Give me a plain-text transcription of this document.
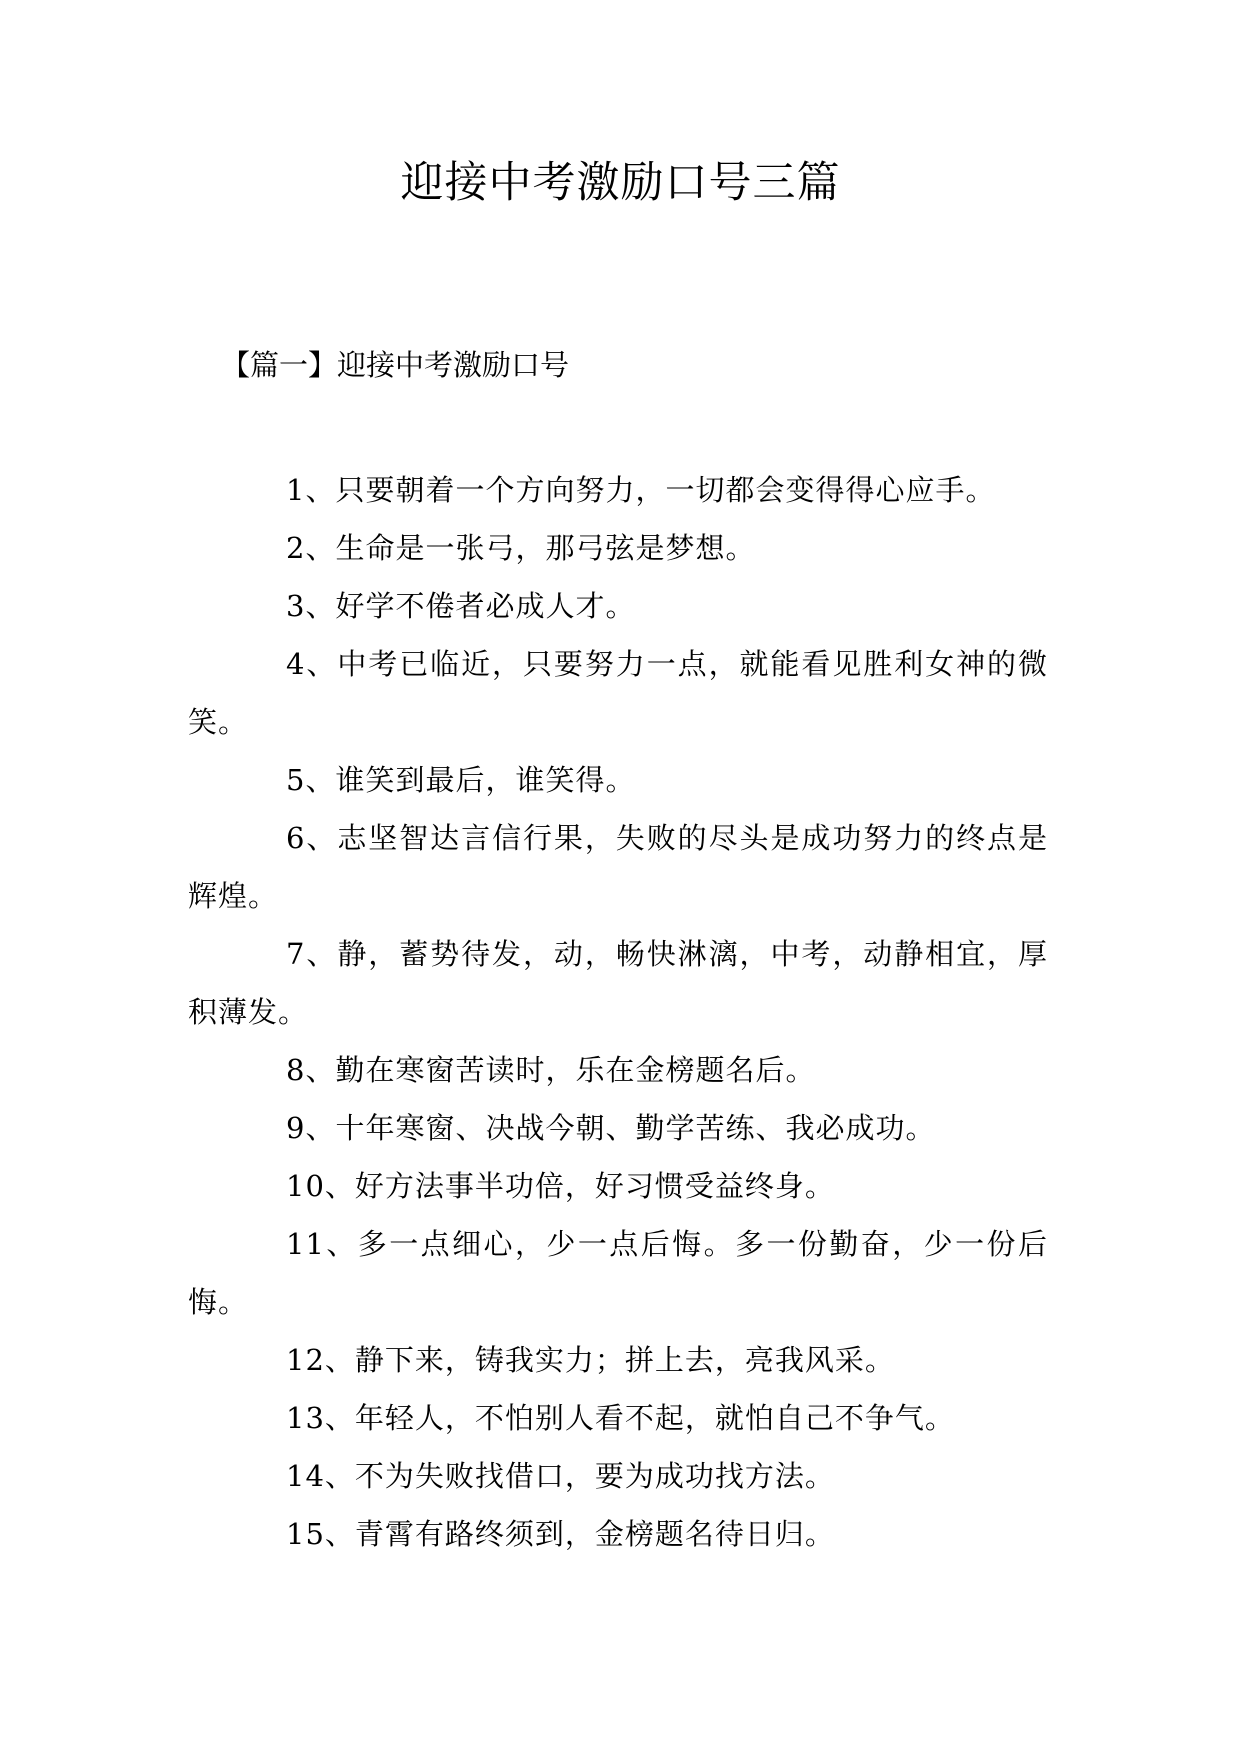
迎接中考激励口号三篇
【篇一】迎接中考激励口号
1、只要朝着一个方向努力，一切都会变得得心应手。
2、生命是一张弓，那弓弦是梦想。
3、好学不倦者必成人才。
4、中考已临近，只要努力一点，就能看见胜利女神的微笑。
5、谁笑到最后，谁笑得。
6、志坚智达言信行果，失败的尽头是成功努力的终点是辉煌。
7、静，蓄势待发，动，畅快淋漓，中考，动静相宜，厚积薄发。
8、勤在寒窗苦读时，乐在金榜题名后。
9、十年寒窗、决战今朝、勤学苦练、我必成功。
10、好方法事半功倍，好习惯受益终身。
11、多一点细心，少一点后悔。多一份勤奋，少一份后悔。
12、静下来，铸我实力；拼上去，亮我风采。
13、年轻人，不怕别人看不起，就怕自己不争气。
14、不为失败找借口，要为成功找方法。
15、青霄有路终须到，金榜题名待日归。
